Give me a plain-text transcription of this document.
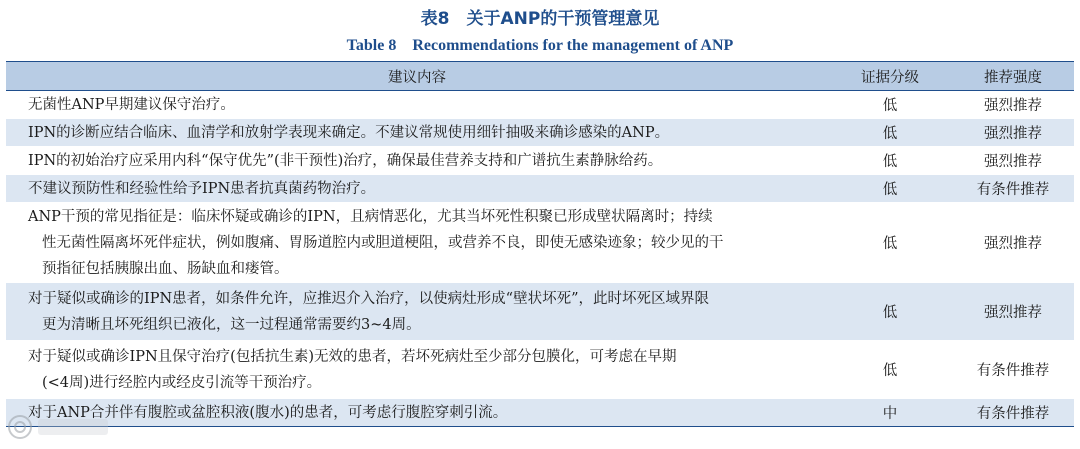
表8　关于ANP的干预管理意见
Table 8　Recommendations for the management of ANP
建议内容	证据分级	推荐强度

无菌性ANP早期建议保守治疗。	低	强烈推荐

IPN的诊断应结合临床、血清学和放射学表现来确定。不建议常规使用细针抽吸来确诊感染的ANP。	低	强烈推荐

IPN的初始治疗应采用内科“保守优先”(非干预性)治疗，确保最佳营养支持和广谱抗生素静脉给药。	低	强烈推荐

不建议预防性和经验性给予IPN患者抗真菌药物治疗。	低	有条件推荐

ANP干预的常见指征是：临床怀疑或确诊的IPN，且病情恶化，尤其当坏死性积聚已形成壁状隔离时；持续
性无菌性隔离坏死伴症状，例如腹痛、胃肠道腔内或胆道梗阻，或营养不良，即使无感染迹象；较少见的干
预指征包括胰腺出血、肠缺血和瘘管。	低	强烈推荐

对于疑似或确诊的IPN患者，如条件允许，应推迟介入治疗，以使病灶形成“壁状坏死”，此时坏死区域界限
更为清晰且坏死组织已液化，这一过程通常需要约3~4周。	低	强烈推荐

对于疑似或确诊IPN且保守治疗(包括抗生素)无效的患者，若坏死病灶至少部分包膜化，可考虑在早期
(<4周)进行经腔内或经皮引流等干预治疗。	低	有条件推荐

对于ANP合并伴有腹腔或盆腔积液(腹水)的患者，可考虑行腹腔穿刺引流。	中	有条件推荐
